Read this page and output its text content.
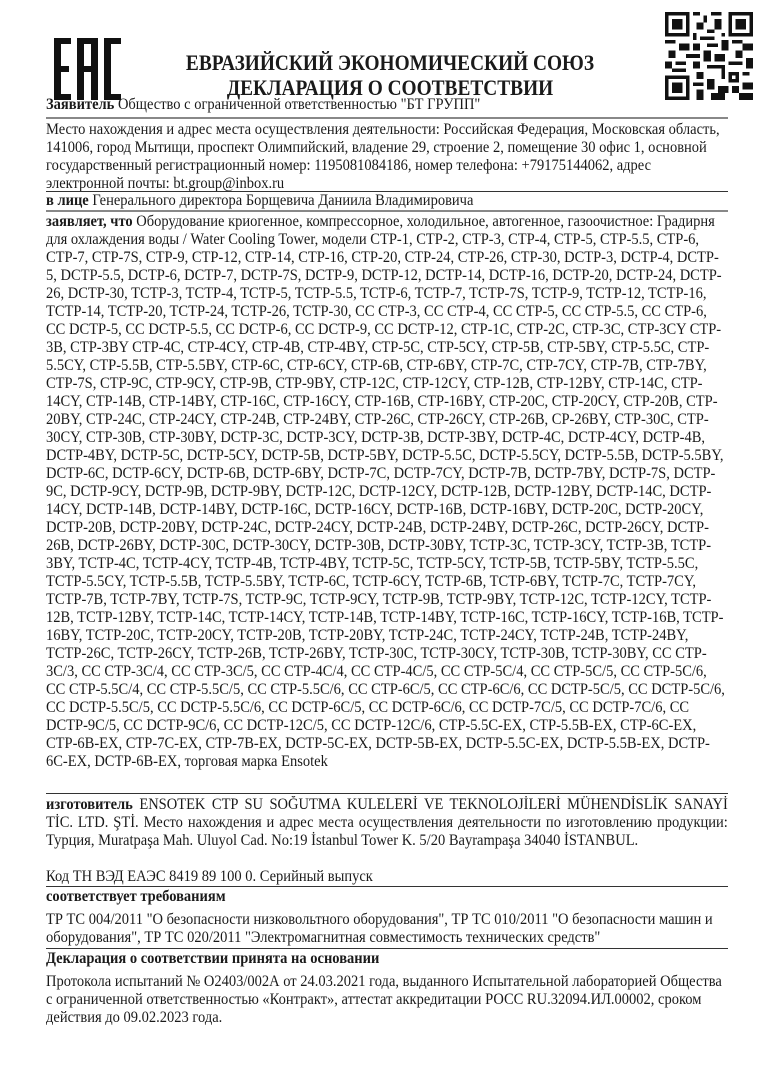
ЕВРАЗИЙСКИЙ ЭКОНОМИЧЕСКИЙ СОЮЗ
ДЕКЛАРАЦИЯ О СООТВЕТСТВИИ
Заявитель Общество с ограниченной ответственностью "БТ ГРУПП"
Место нахождения и адрес места осуществления деятельности: Российская Федерация, Московская область, 141006, город Мытищи, проспект Олимпийский, владение 29, строение 2, помещение 30 офис 1, основной государственный регистрационный номер: 1195081084186, номер телефона: +79175144062, адрес электронной почты: bt.group@inbox.ru
в лице Генерального директора Борщевича Даниила Владимировича
заявляет, что Оборудование криогенное, компрессорное, холодильное, автогенное, газоочистное: Градирня для охлаждения воды / Water Cooling Tower, модели CTP-1, CTP-2, CTP-3, CTP-4, CTP-5, CTP-5.5, CTP-6, CTP-7, CTP-7S, CTP-9, CTP-12, CTP-14, CTP-16, CTP-20, CTP-24, CTP-26, CTP-30, DCTP-3, DCTP-4, DCTP-5, DCTP-5.5, DCTP-6, DCTP-7, DCTP-7S, DCTP-9, DCTP-12, DCTP-14, DCTP-16, DCTP-20, DCTP-24, DCTP-26, DCTP-30, TCTP-3, TCTP-4, TCTP-5, TCTP-5.5, TCTP-6, TCTP-7, TCTP-7S, TCTP-9, TCTP-12, TCTP-16, TCTP-14, TCTP-20, TCTP-24, TCTP-26, TCTP-30, CC CTP-3, CC CTP-4, CC CTP-5, CC CTP-5.5, CC CTP-6, CC DCTP-5, CC DCTP-5.5, CC DCTP-6, CC DCTP-9, CC DCTP-12, CTP-1C, CTP-2C, CTP-3C, CTP-3CY CTP-3B, CTP-3BY CTP-4C, CTP-4CY, CTP-4B, CTP-4BY, CTP-5C, CTP-5CY, CTP-5B, CTP-5BY, CTP-5.5C, CTP-5.5CY, CTP-5.5B, CTP-5.5BY, CTP-6C, CTP-6CY, CTP-6B, CTP-6BY, CTP-7C, CTP-7CY, CTP-7B, CTP-7BY, CTP-7S, CTP-9C, CTP-9CY, CTP-9B, CTP-9BY, CTP-12C, CTP-12CY, CTP-12B, CTP-12BY, CTP-14C, CTP-14CY, CTP-14B, CTP-14BY, CTP-16C, CTP-16CY, CTP-16B, CTP-16BY, CTP-20C, CTP-20CY, CTP-20B, CTP-20BY, CTP-24C, CTP-24CY, CTP-24B, CTP-24BY, CTP-26C, CTP-26CY, CTP-26B, CP-26BY, CTP-30C, CTP-30CY, CTP-30B, CTP-30BY, DCTP-3C, DCTP-3CY, DCTP-3B, DCTP-3BY, DCTP-4C, DCTP-4CY, DCTP-4B, DCTP-4BY, DCTP-5C, DCTP-5CY, DCTP-5B, DCTP-5BY, DCTP-5.5C, DCTP-5.5CY, DCTP-5.5B, DCTP-5.5BY, DCTP-6C, DCTP-6CY, DCTP-6B, DCTP-6BY, DCTP-7C, DCTP-7CY, DCTP-7B, DCTP-7BY, DCTP-7S, DCTP-9C, DCTP-9CY, DCTP-9B, DCTP-9BY, DCTP-12C, DCTP-12CY, DCTP-12B, DCTP-12BY, DCTP-14C, DCTP-14CY, DCTP-14B, DCTP-14BY, DCTP-16C, DCTP-16CY, DCTP-16B, DCTP-16BY, DCTP-20C, DCTP-20CY, DCTP-20B, DCTP-20BY, DCTP-24C, DCTP-24CY, DCTP-24B, DCTP-24BY, DCTP-26C, DCTP-26CY, DCTP-26B, DCTP-26BY, DCTP-30C, DCTP-30CY, DCTP-30B, DCTP-30BY, TCTP-3C, TCTP-3CY, TCTP-3B, TCTP-3BY, TCTP-4C, TCTP-4CY, TCTP-4B, TCTP-4BY, TCTP-5C, TCTP-5CY, TCTP-5B, TCTP-5BY, TCTP-5.5C, TCTP-5.5CY, TCTP-5.5B, TCTP-5.5BY, TCTP-6C, TCTP-6CY, TCTP-6B, TCTP-6BY, TCTP-7C, TCTP-7CY, TCTP-7B, TCTP-7BY, TCTP-7S, TCTP-9C, TCTP-9CY, TCTP-9B, TCTP-9BY, TCTP-12C, TCTP-12CY, TCTP-12B, TCTP-12BY, TCTP-14C, TCTP-14CY, TCTP-14B, TCTP-14BY, TCTP-16C, TCTP-16CY, TCTP-16B, TCTP-16BY, TCTP-20C, TCTP-20CY, TCTP-20B, TCTP-20BY, TCTP-24C, TCTP-24CY, TCTP-24B, TCTP-24BY, TCTP-26C, TCTP-26CY, TCTP-26B, TCTP-26BY, TCTP-30C, TCTP-30CY, TCTP-30B, TCTP-30BY, CC CTP-3C/3, CC CTP-3C/4, CC CTP-3C/5, CC CTP-4C/4, CC CTP-4C/5, CC CTP-5C/4, CC CTP-5C/5, CC CTP-5C/6, CC CTP-5.5C/4, CC CTP-5.5C/5, CC CTP-5.5C/6, CC CTP-6C/5, CC CTP-6C/6, CC DCTP-5C/5, CC DCTP-5C/6, CC DCTP-5.5C/5, CC DCTP-5.5C/6, CC DCTP-6C/5, CC DCTP-6C/6, CC DCTP-7C/5, CC DCTP-7C/6, CC DCTP-9C/5, CC DCTP-9C/6, CC DCTP-12C/5, CC DCTP-12C/6, CTP-5.5C-EX, CTP-5.5B-EX, CTP-6C-EX, CTP-6B-EX, CTP-7C-EX, CTP-7B-EX, DCTP-5C-EX, DCTP-5B-EX, DCTP-5.5C-EX, DCTP-5.5B-EX, DCTP-6C-EX, DCTP-6B-EX, торговая марка Ensotek
изготовитель ENSOTEK CTP SU SOĞUTMA KULELERİ VE TEKNOLOJİLERİ MÜHENDİSLİK SANAYİ TİC. LTD. ŞTİ. Место нахождения и адрес места осуществления деятельности по изготовлению продукции: Турция, Muratpaşa Mah. Uluyol Cad. No:19 İstanbul Tower K. 5/20 Bayrampaşa 34040 İSTANBUL.
Код ТН ВЭД ЕАЭС 8419 89 100 0. Серийный выпуск
соответствует требованиям
ТР ТС 004/2011 "О безопасности низковольтного оборудования", ТР ТС 010/2011 "О безопасности машин и оборудования", ТР ТС 020/2011 "Электромагнитная совместимость технических средств"
Декларация о соответствии принята на основании
Протокола испытаний № О2403/002А от 24.03.2021 года, выданного Испытательной лабораторией Общества с ограниченной ответственностью «Контракт», аттестат аккредитации РОСС RU.32094.ИЛ.00002, сроком действия до 09.02.2023 года.
